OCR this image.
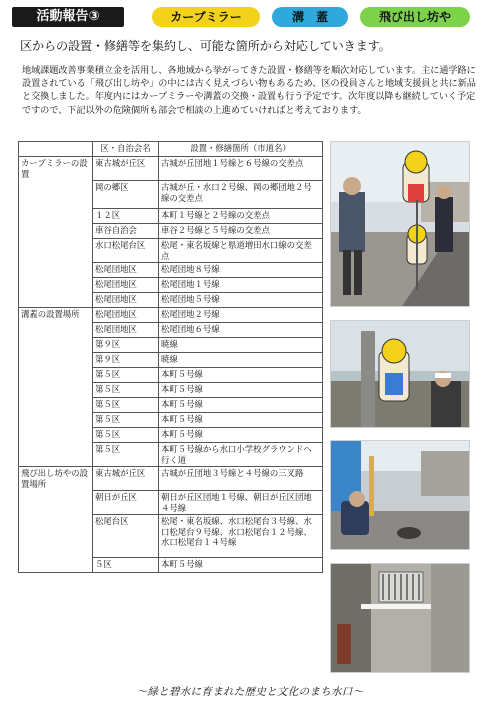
活動報告③	カーブミラー	溝　蓋	飛び出し坊や
区からの設置・修繕等を集約し、可能な箇所から対応していきます。
地域課題改善事業積立金を活用し、各地域から挙がってきた設置・修繕等を順次対応しています。主に通学路に設置されている「飛び出し坊や」の中には古く見えづらい物もあるため、区の役員さんと地域支援員と共に新品と交換しました。年度内にはカーブミラーや溝蓋の交換・設置も行う予定です。次年度以降も継続していく予定ですので、下記以外の危険個所も部会で相談の上進めていければと考えております。
	区・自治会名	設置・修繕箇所（市道名）
カーブミラーの設置	東古城が丘区	古城が丘団地１号線と６号線の交差点
	岡の郷区	古城が丘・水口２号線、岡の郷団地２号線の交差点
	１２区	本町１号線と２号線の交差点
	車谷自治会	車谷２号線と５号線の交差点
	水口松尾台区	松尾・東名坂線と県道増田水口線の交差点
	松尾団地区	松尾団地８号線
	松尾団地区	松尾団地１号線
	松尾団地区	松尾団地５号線
溝蓋の設置場所	松尾団地区	松尾団地２号線
	松尾団地区	松尾団地６号線
	第９区	暁線
	第９区	暁線
	第５区	本町５号線
	第５区	本町５号線
	第５区	本町５号線
	第５区	本町５号線
	第５区	本町５号線
	第５区	本町５号線から水口小学校グラウンドへ行く道
飛び出し坊やの設置場所	東古城が丘区	古城が丘団地３号線と４号線の三叉路
	朝日が丘区	朝日が丘区団地１号線、朝日が丘区団地４号線
	松尾台区	松尾・東名坂線、水口松尾台３号線、水口松尾台９号線、水口松尾台１２号線、水口松尾台１４号線
	５区	本町５号線
～緑と碧水に育まれた歴史と文化のまち水口～
